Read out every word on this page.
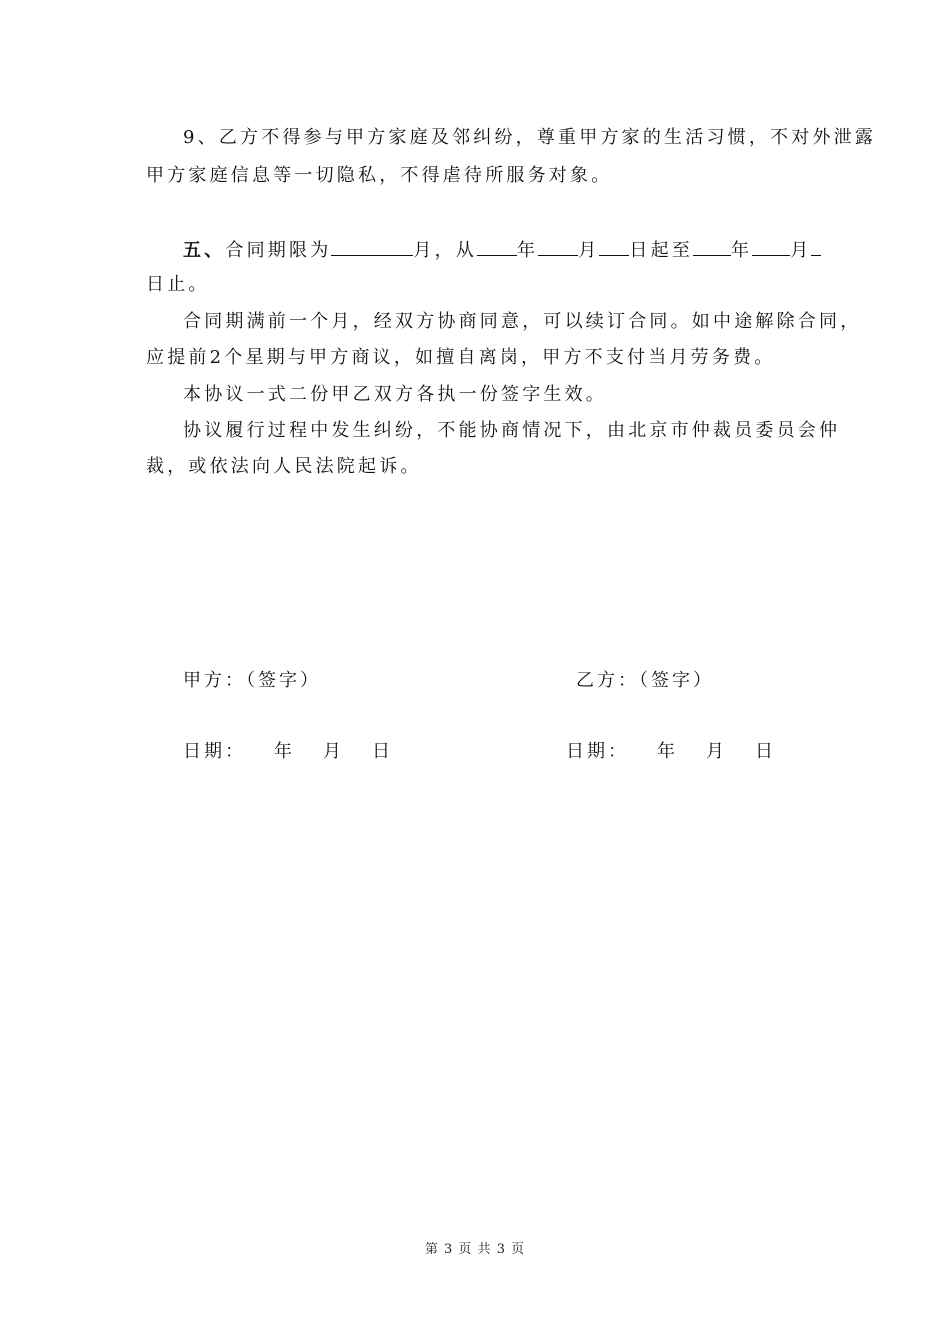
9、乙方不得参与甲方家庭及邻纠纷，尊重甲方家的生活习惯，不对外泄露
甲方家庭信息等一切隐私，不得虐待所服务对象。
五、合同期限为	月，从 年 月 日起至 年 月
日止。
合同期满前一个月，经双方协商同意，可以续订合同。如中途解除合同，
应提前2个星期与甲方商议，如擅自离岗，甲方不支付当月劳务费。
本协议一式二份甲乙双方各执一份签字生效。
协议履行过程中发生纠纷，不能协商情况下，由北京市仲裁员委员会仲
裁，或依法向人民法院起诉。
甲方：（签字）	乙方：（签字）
日期： 年 月 日	日期： 年 月 日
第 3 页 共 3 页
